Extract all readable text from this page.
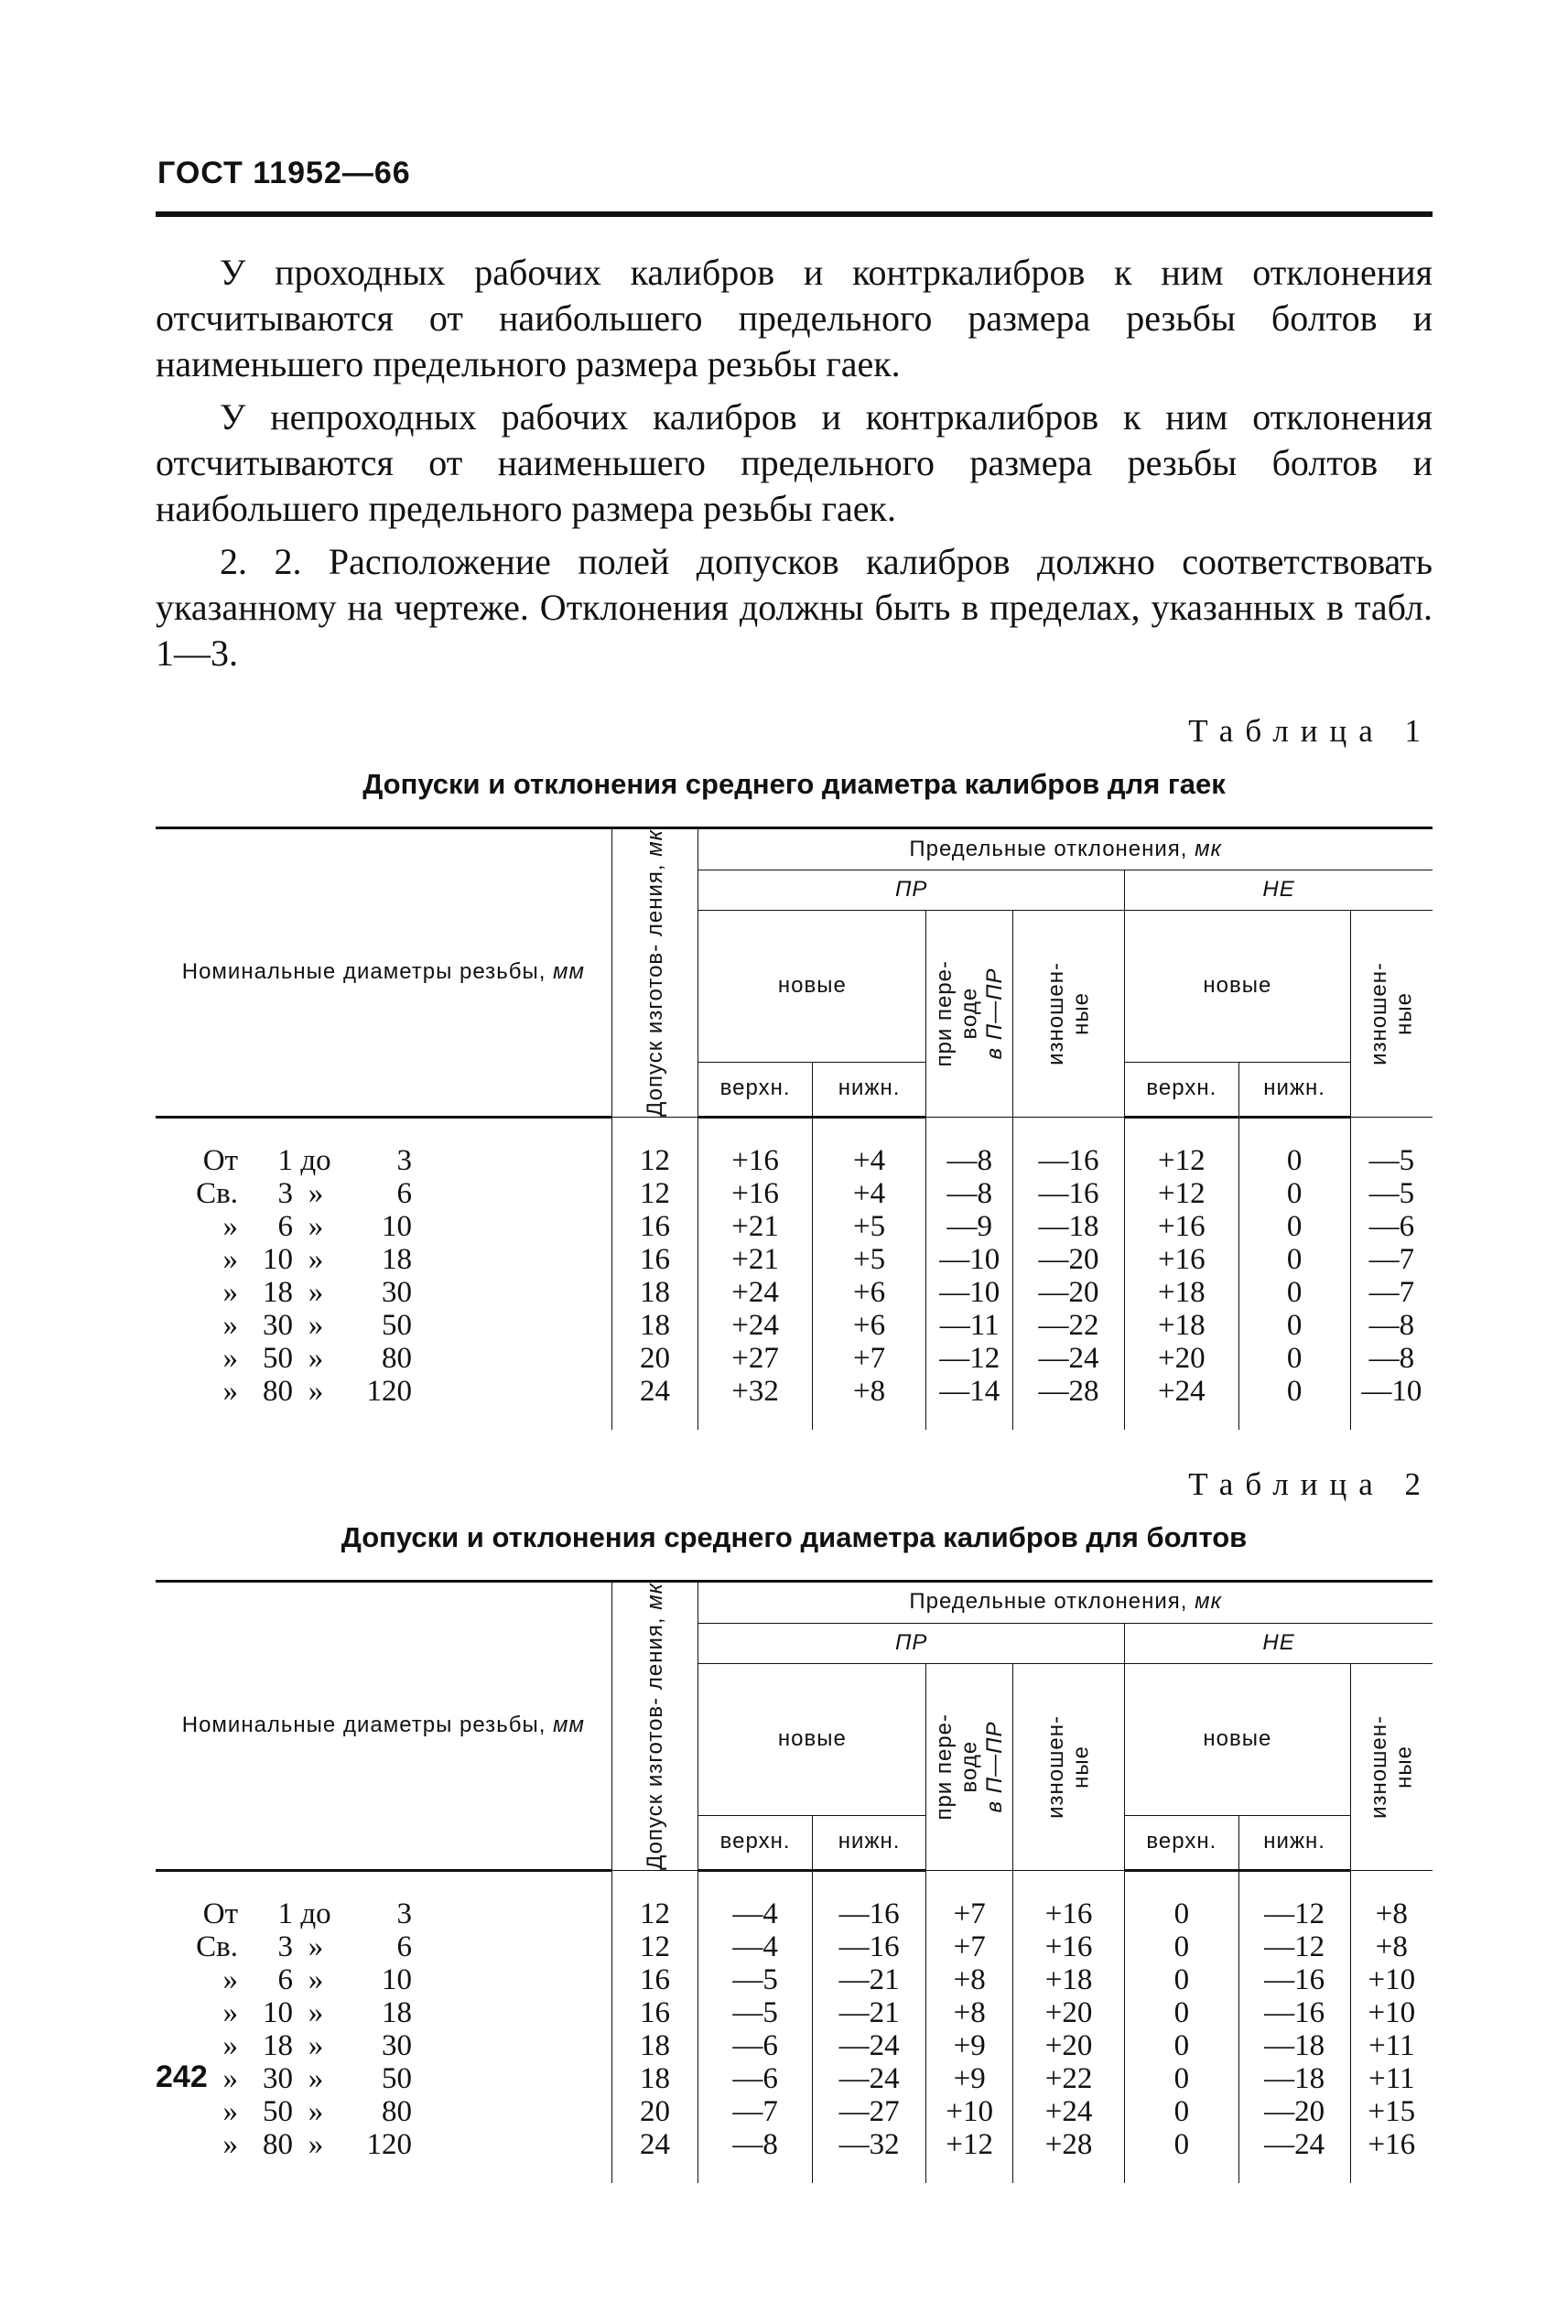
ГОСТ 11952—66

У проходных рабочих калибров и контркалибров к ним отклонения отсчитываются от наибольшего предельного размера резьбы болтов и наименьшего предельного размера резьбы гаек.

У непроходных рабочих калибров и контркалибров к ним отклонения отсчитываются от наименьшего предельного размера резьбы болтов и наибольшего предельного размера резьбы гаек.

2. 2. Расположение полей допусков калибров должно соответствовать указанному на чертеже. Отклонения должны быть в пределах, указанных в табл. 1—3.

Таблица 1
Допуски и отклонения среднего диаметра калибров для гаек
Номинальные диаметры резьбы, мм	Допуск изготов- ления, мк	Предельные отклонения, мк						
		ПР				НЕ		
		новые		при пере-
воде
в П—ПР	изношен-
ные	новые		изношен-
ные

		верхн.	нижн.			верхн.	нижн.	

От 1 до 3	12	+16	+4	—8	—16	+12	0	—5
Св. 3 » 6	12	+16	+4	—8	—16	+12	0	—5
» 6 » 10	16	+21	+5	—9	—18	+16	0	—6
» 10 » 18	16	+21	+5	—10	—20	+16	0	—7
» 18 » 30	18	+24	+6	—10	—20	+18	0	—7
» 30 » 50	18	+24	+6	—11	—22	+18	0	—8
» 50 » 80	20	+27	+7	—12	—24	+20	0	—8
» 80 » 120	24	+32	+8	—14	—28	+24	0	—10

Таблица 2
Допуски и отклонения среднего диаметра калибров для болтов
Номинальные диаметры резьбы, мм	Допуск изготов- ления, мк	Предельные отклонения, мк						
		ПР				НЕ		
		новые		при пере-
воде
в П—ПР	изношен-
ные	новые		изношен-
ные

		верхн.	нижн.			верхн.	нижн.	

От 1 до 3	12	—4	—16	+7	+16	0	—12	+8
Св. 3 » 6	12	—4	—16	+7	+16	0	—12	+8
» 6 » 10	16	—5	—21	+8	+18	0	—16	+10
» 10 » 18	16	—5	—21	+8	+20	0	—16	+10
» 18 » 30	18	—6	—24	+9	+20	0	—18	+11
» 30 » 50	18	—6	—24	+9	+22	0	—18	+11
» 50 » 80	20	—7	—27	+10	+24	0	—20	+15
» 80 » 120	24	—8	—32	+12	+28	0	—24	+16

242
